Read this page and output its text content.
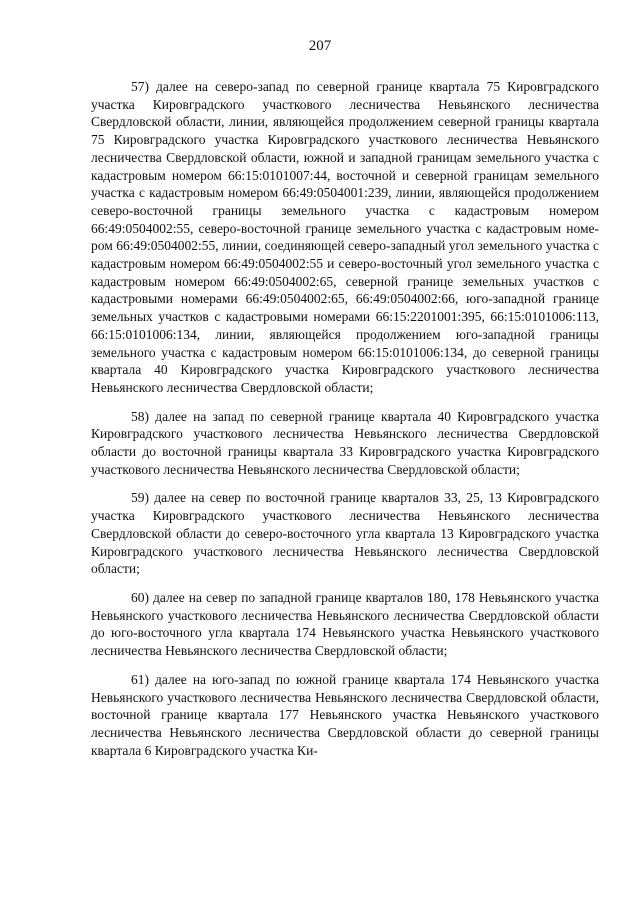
207

57) далее на северо-запад по северной границе квартала 75 Кировградского участка Кировградского участкового лесничества Невьянского лесничества Свердловской области, линии, являющейся продолжением северной границы квартала 75 Кировградского участка Кировградского участкового лесничества Невьянского лесничества Свердловской области, южной и западной границам земельного участка с кадастровым номером 66:15:0101007:44, восточной и северной границам земельного участка с кадастровым номером 66:49:0504001:239, линии, являющейся продолжением северо-восточной границы земельного участка с кадастровым номером 66:49:0504002:55, северо-восточной границе земельного участка с кадастровым номером 66:49:0504002:55, линии, соединяющей северо-западный угол земельного участка с кадастровым номером 66:49:0504002:55 и северо-восточный угол земельного участка с кадастровым номером 66:49:0504002:65, северной границе земельных участков с кадастровыми номерами 66:49:0504002:65, 66:49:0504002:66, юго-западной границе земельных участков с кадастровыми номерами 66:15:2201001:395, 66:15:0101006:113, 66:15:0101006:134, линии, являющейся продолжением юго-западной границы земельного участка с кадастровым номером 66:15:0101006:134, до северной границы квартала 40 Кировградского участка Кировградского участкового лесничества Невьянского лесничества Свердловской области;

58) далее на запад по северной границе квартала 40 Кировградского участка Кировградского участкового лесничества Невьянского лесничества Свердловской области до восточной границы квартала 33 Кировградского участка Кировградского участкового лесничества Невьянского лесничества Свердловской области;

59) далее на север по восточной границе кварталов 33, 25, 13 Кировградского участка Кировградского участкового лесничества Невьянского лесничества Свердловской области до северо-восточного угла квартала 13 Кировградского участка Кировградского участкового лесничества Невьянского лесничества Свердловской области;

60) далее на север по западной границе кварталов 180, 178 Невьянского участка Невьянского участкового лесничества Невьянского лесничества Свердловской области до юго-восточного угла квартала 174 Невьянского участка Невьянского участкового лесничества Невьянского лесничества Свердловской области;

61) далее на юго-запад по южной границе квартала 174 Невьянского участка Невьянского участкового лесничества Невьянского лесничества Свердловской области, восточной границе квартала 177 Невьянского участка Невьянского участкового лесничества Невьянского лесничества Свердловской области до северной границы квартала 6 Кировградского участка Ки-
